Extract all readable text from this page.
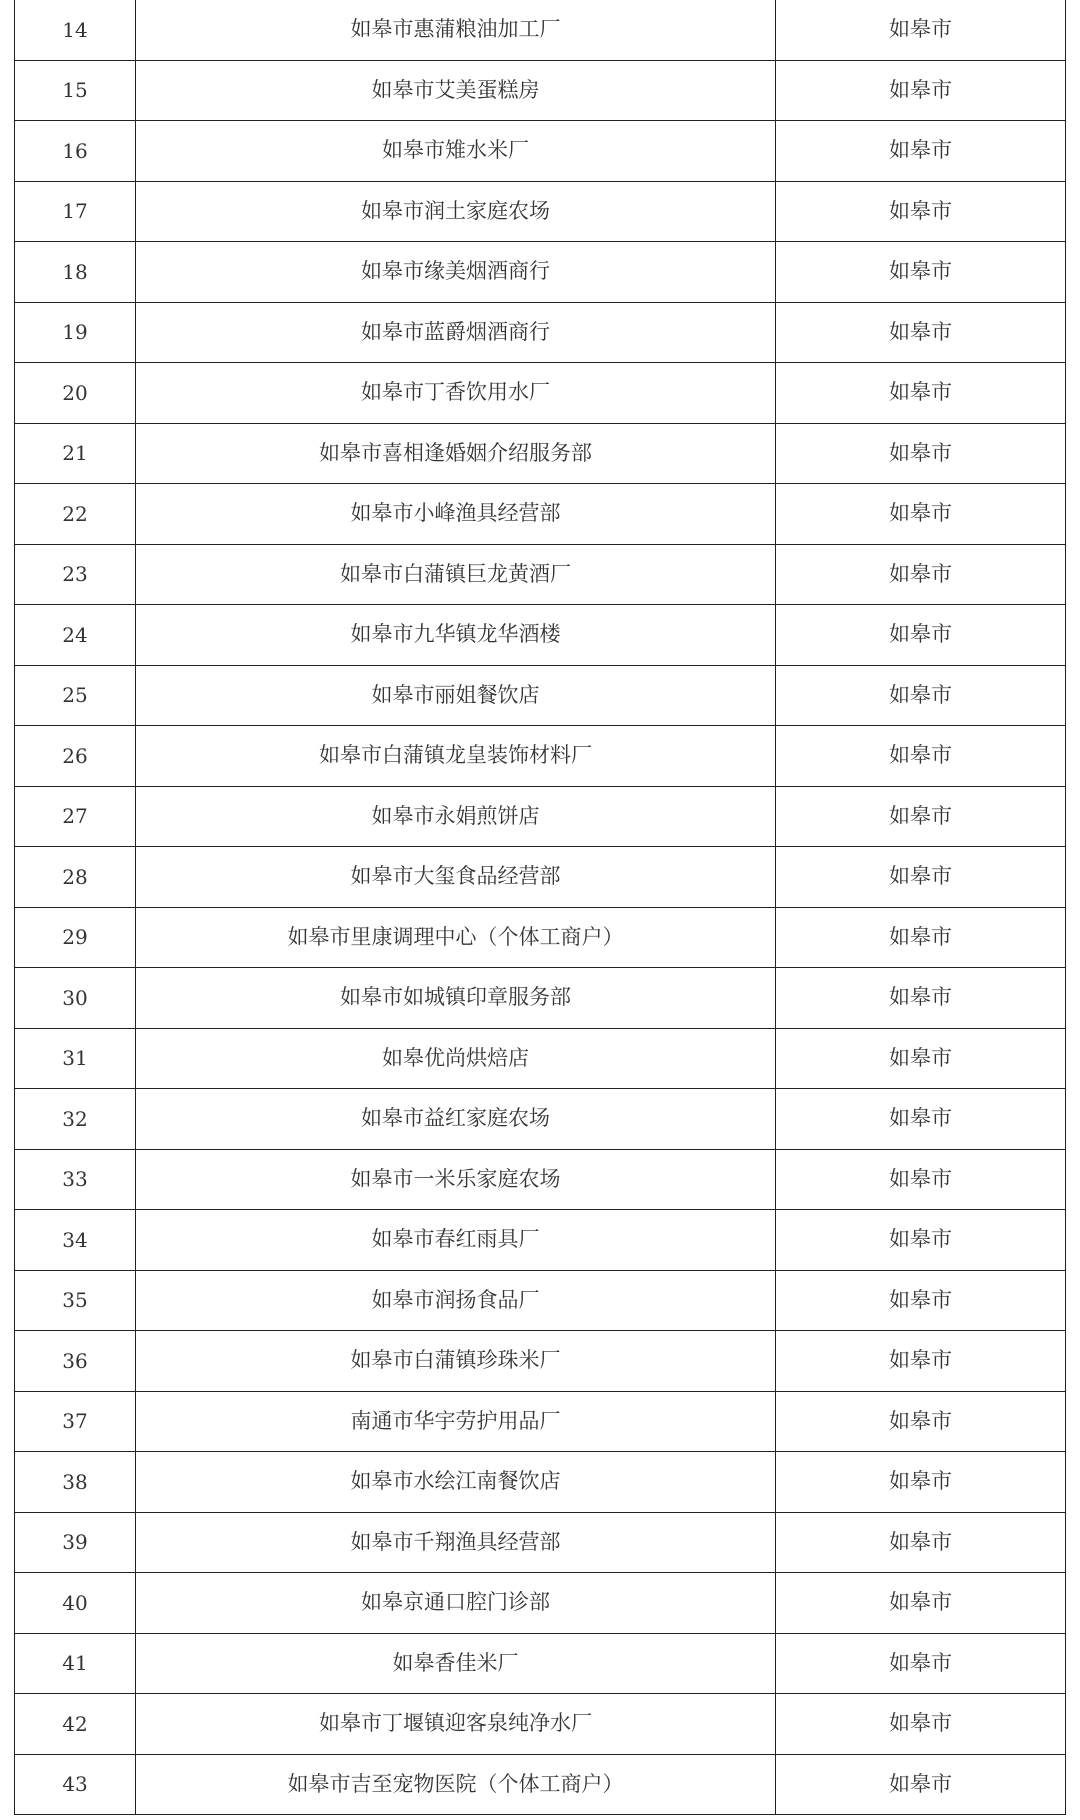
14	如皋市惠蒲粮油加工厂	如皋市
15	如皋市艾美蛋糕房	如皋市
16	如皋市雉水米厂	如皋市
17	如皋市润土家庭农场	如皋市
18	如皋市缘美烟酒商行	如皋市
19	如皋市蓝爵烟酒商行	如皋市
20	如皋市丁香饮用水厂	如皋市
21	如皋市喜相逢婚姻介绍服务部	如皋市
22	如皋市小峰渔具经营部	如皋市
23	如皋市白蒲镇巨龙黄酒厂	如皋市
24	如皋市九华镇龙华酒楼	如皋市
25	如皋市丽姐餐饮店	如皋市
26	如皋市白蒲镇龙皇装饰材料厂	如皋市
27	如皋市永娟煎饼店	如皋市
28	如皋市大玺食品经营部	如皋市
29	如皋市里康调理中心（个体工商户）	如皋市
30	如皋市如城镇印章服务部	如皋市
31	如皋优尚烘焙店	如皋市
32	如皋市益红家庭农场	如皋市
33	如皋市一米乐家庭农场	如皋市
34	如皋市春红雨具厂	如皋市
35	如皋市润扬食品厂	如皋市
36	如皋市白蒲镇珍珠米厂	如皋市
37	南通市华宇劳护用品厂	如皋市
38	如皋市水绘江南餐饮店	如皋市
39	如皋市千翔渔具经营部	如皋市
40	如皋京通口腔门诊部	如皋市
41	如皋香佳米厂	如皋市
42	如皋市丁堰镇迎客泉纯净水厂	如皋市
43	如皋市吉至宠物医院（个体工商户）	如皋市
